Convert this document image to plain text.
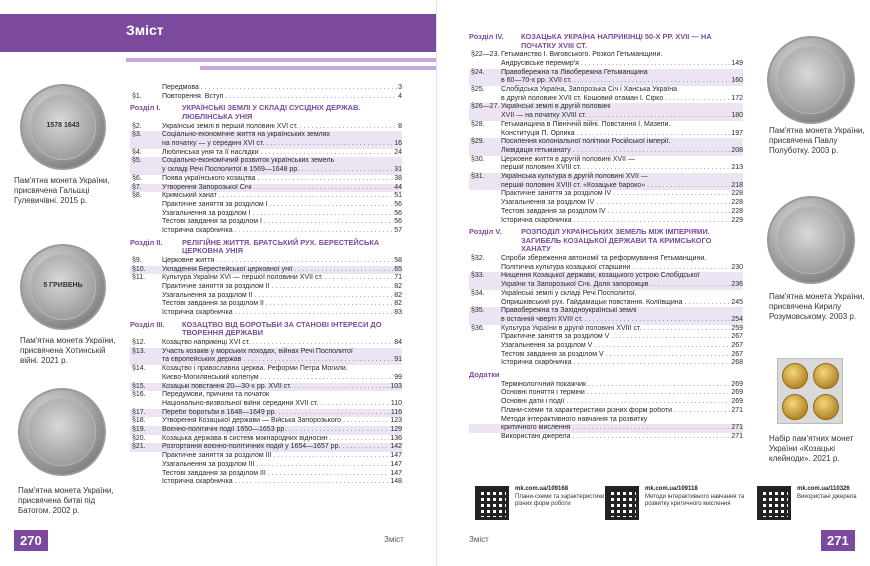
Зміст
1578 1643
Пам'ятна монета України, присвячена Гальшці Гулевичівні. 2015 р.
5 ГРИВЕНЬ
Пам'ятна монета України, присвячена Хотинській війні. 2021 р.
Пам'ятна монета України, присвячена битві під Батогом. 2002 р.
Передмова . . .	3
§1.	Повторення. Вступ . . .	4
Розділ І.	УКРАЇНСЬКІ ЗЕМЛІ У СКЛАДІ СУСІДНІХ ДЕРЖАВ. ЛЮБЛІНСЬКА УНІЯ
§2.	Українські землі в першій половині XVI ст. . . .	8
§3.	Соціально-економічне життя на українських землях
на початку — у середині XVI ст. . . .	16
§4.	Люблінська унія та її наслідки . . .	24
§5.	Соціально-економічний розвиток українських земель
у складі Речі Посполитої в 1569—1648 рр. . . .	31
§6.	Поява українського козацтва . . .	38
§7.	Утворення Запорозької Січі . . .	44
§8.	Кримський ханат . . .	51
Практичне заняття за розділом І . . .	56
Узагальнення за розділом І . . .	56
Тестові завдання за розділом І . . .	56
Історична скарбничка . . .	57
Розділ ІІ.	РЕЛІГІЙНЕ ЖИТТЯ. БРАТСЬКИЙ РУХ. БЕРЕСТЕЙСЬКА ЦЕРКОВНА УНІЯ
§9.	Церковне життя . . .	58
§10.	Укладення Берестейської церковної унії . . .	65
§11.	Культура України XVI — першої половини XVII ст. . . .	71
Практичне заняття за розділом ІІ . . .	82
Узагальнення за розділом ІІ . . .	82
Тестові завдання за розділом ІІ . . .	82
Історична скарбничка . . .	83
Розділ ІІІ.	КОЗАЦТВО ВІД БОРОТЬБИ ЗА СТАНОВІ ІНТЕРЕСИ ДО ТВОРЕННЯ ДЕРЖАВИ
§12.	Козацтво наприкінці XVI ст. . . .	84
§13.	Участь козаків у морських походах, війнах Речі Посполитої
та європейських держав . . .	91
§14.	Козацтво і православна церква. Реформи Петра Могили.
Києво-Могилянський колегіум . . .	99
§15.	Козацькі повстання 20—30-х рр. XVII ст. . . .	103
§16.	Передумови, причини та початок
Національно-визвольної війни середини XVII ст. . . .	110
§17.	Перебіг боротьби в 1648—1649 рр. . . .	116
§18.	Утворення Козацької держави — Війська Запорозького . . .	123
§19.	Воєнно-політичні події 1650—1653 рр. . . .	129
§20.	Козацька держава в системі міжнародних відносин . . .	136
§21.	Розгортання воєнно-політичних подій у 1654—1657 рр. . . .	142
Практичне заняття за розділом ІІІ . . .	147
Узагальнення за розділом ІІІ . . .	147
Тестові завдання за розділом ІІІ . . .	147
Історична скарбничка . . .	148
270	Зміст
Розділ IV.	КОЗАЦЬКА УКРАЇНА НАПРИКІНЦІ 50-Х РР. XVII — НА ПОЧАТКУ XVIII СТ.
§22—23. Гетьманство І. Виговського. Розкол Гетьманщини.
Андрусівське перемир'я . . .	149
§24.	Правобережна та Лівобережна Гетьманщина
в 60—70-х рр. XVII ст. . . .	160
§25.	Слобідська Україна, Запорозька Січ і Ханська Україна
в другій половині XVII ст. Кошовий отаман І. Сірко . . .	172
§26—27. Українські землі в другій половині
XVII — на початку XVIII ст. . . .	180
§28.	Гетьманщина в Північній війні. Повстання І. Мазепи.
Конституція П. Орлика . . .	197
§29.	Посилення колоніальної політики Російської імперії.
Ліквідація гетьманату . . .	208
§30.	Церковне життя в другій половині XVII —
першій половині XVIII ст. . . .	213
§31.	Українська культура в другій половині XVII —
першій половині XVIII ст. «Козацьке бароко» . . .	218
Практичне заняття за розділом IV . . .	228
Узагальнення за розділом IV . . .	228
Тестові завдання за розділом IV . . .	228
Історична скарбничка . . .	229
Розділ V.	РОЗПОДІЛ УКРАЇНСЬКИХ ЗЕМЕЛЬ МІЖ ІМПЕРІЯМИ. ЗАГИБЕЛЬ КОЗАЦЬКОЇ ДЕРЖАВИ ТА КРИМСЬКОГО ХАНАТУ
§32.	Спроби збереження автономії та реформування Гетьманщини.
Політична культура козацької старшини . . .	230
§33.	Нищення Козацької держави, козацького устрою Слобідської
України та Запорозької Січі. Доля запорожців . . .	236
§34.	Українські землі у складі Речі Посполитої.
Опришківський рух. Гайдамацькі повстання. Коліївщина . . .	245
§35.	Правобережна та Західноукраїнські землі
в останній чверті XVIII ст. . . .	254
§36.	Культура України в другій половині XVIII ст. . . .	259
Практичне заняття за розділом V . . .	267
Узагальнення за розділом V . . .	267
Тестові завдання за розділом V . . .	267
Історична скарбничка . . .	268
Додатки
Термінологічний покажчик . . .	269
Основні поняття і терміни . . .	269
Основні дати і події . . .	269
Плани-схеми та характеристики різних форм роботи . . .	271
Методи інтерактивного навчання та розвитку
критичного мислення . . .	271
Використані джерела . . .	271
Пам'ятна монета України, присвячена Павлу Полуботку. 2003 р.
Пам'ятна монета України, присвячена Кирилу Розумовському. 2003 р.
Набір пам'ятних монет України «Козацькі клейноди». 2021 р.
mk.com.ua/109168
Плани-схеми та характеристики різних форм роботи
mk.com.ua/109118
Методи інтерактивного навчання та розвитку критичного мислення
mk.com.ua/110326
Використані джерела
Зміст	271
